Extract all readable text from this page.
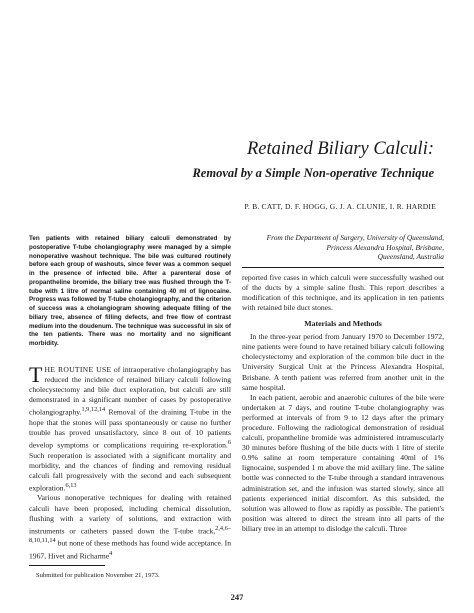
Retained Biliary Calculi:
Removal by a Simple Non-operative Technique
P. B. CATT, D. F. HOGG, G. J. A. CLUNIE, I. R. HARDIE

Ten patients with retained biliary calculi demonstrated by postoperative T-tube cholangiography were managed by a simple nonoperative washout technique. The bile was cultured routinely before each group of washouts, since fever was a common sequel in the presence of infected bile. After a parenteral dose of propantheline bromide, the biliary tree was flushed through the T-tube with 1 litre of normal saline containing 40 ml of lignocaine. Progress was followed by T-tube cholangiography, and the criterion of success was a cholangiogram showing adequate filling of the biliary tree, absence of filling defects, and free flow of contrast medium into the doudenum. The technique was successful in six of the ten patients. There was no mortality and no significant morbidity.

THE ROUTINE USE of intraoperative cholangiography has reduced the incidence of retained biliary calculi following cholecystectomy and bile duct exploration, but calculi are still demonstrated in a significant number of cases by postoperative cholangiography.$^{1,9,12,14}$ Removal of the draining T-tube in the hope that the stones will pass spontaneously or cause no further trouble has proved unsatisfactory, since 8 out of 10 patients develop symptoms or complications requiring re-exploration.$^6$ Such reoperation is associated with a significant mortality and morbidity, and the chances of finding and removing residual calculi fall progressively with the second and each subsequent exploration.$^{6,13}$

Various nonoperative techniques for dealing with retained calculi have been proposed, including chemical dissolution, flushing with a variety of solutions, and extraction with instruments or catheters passed down the T-tube track,$^{2,4,6-8,10,11,14}$ but none of these methods has found wide acceptance. In 1967, Hivet and Richarme$^4$

From the Department of Surgery, University of Queensland,

Princess Alexandra Hospital, Brisbane,

Queensland, Australia

reported five cases in which calculi were successfully washed out of the ducts by a simple saline flush. This report describes a modification of this technique, and its application in ten patients with retained bile duct stones.

Materials and Methods

In the three-year period from January 1970 to December 1972, nine patients were found to have retained biliary calculi following cholecystectomy and exploration of the common bile duct in the University Surgical Unit at the Princess Alexandra Hospital, Brisbane. A tenth patient was referred from another unit in the same hospital.

In each patient, aerobic and anaerobic cultures of the bile were undertaken at 7 days, and routine T-tube cholangiography was performed at intervals of from 9 to 12 days after the primary procedure. Following the radiological demonstration of residual calculi, propantheline bromide was administered intramuscularly 30 minutes before flushing of the bile ducts with 1 litre of sterile 0.9% saline at room temperature containing 40ml of 1% lignocaine, suspended 1 m above the mid axillary line. The saline bottle was connected to the T-tube through a standard intravenous administration set, and the infusion was started slowly, since all patients experienced initial discomfort. As this subsided, the solution was allowed to flow as rapidly as possible. The patient's position was altered to direct the stream into all parts of the biliary tree in an attempt to dislodge the calculi. Three

Submitted for publication November 21, 1973.
247
